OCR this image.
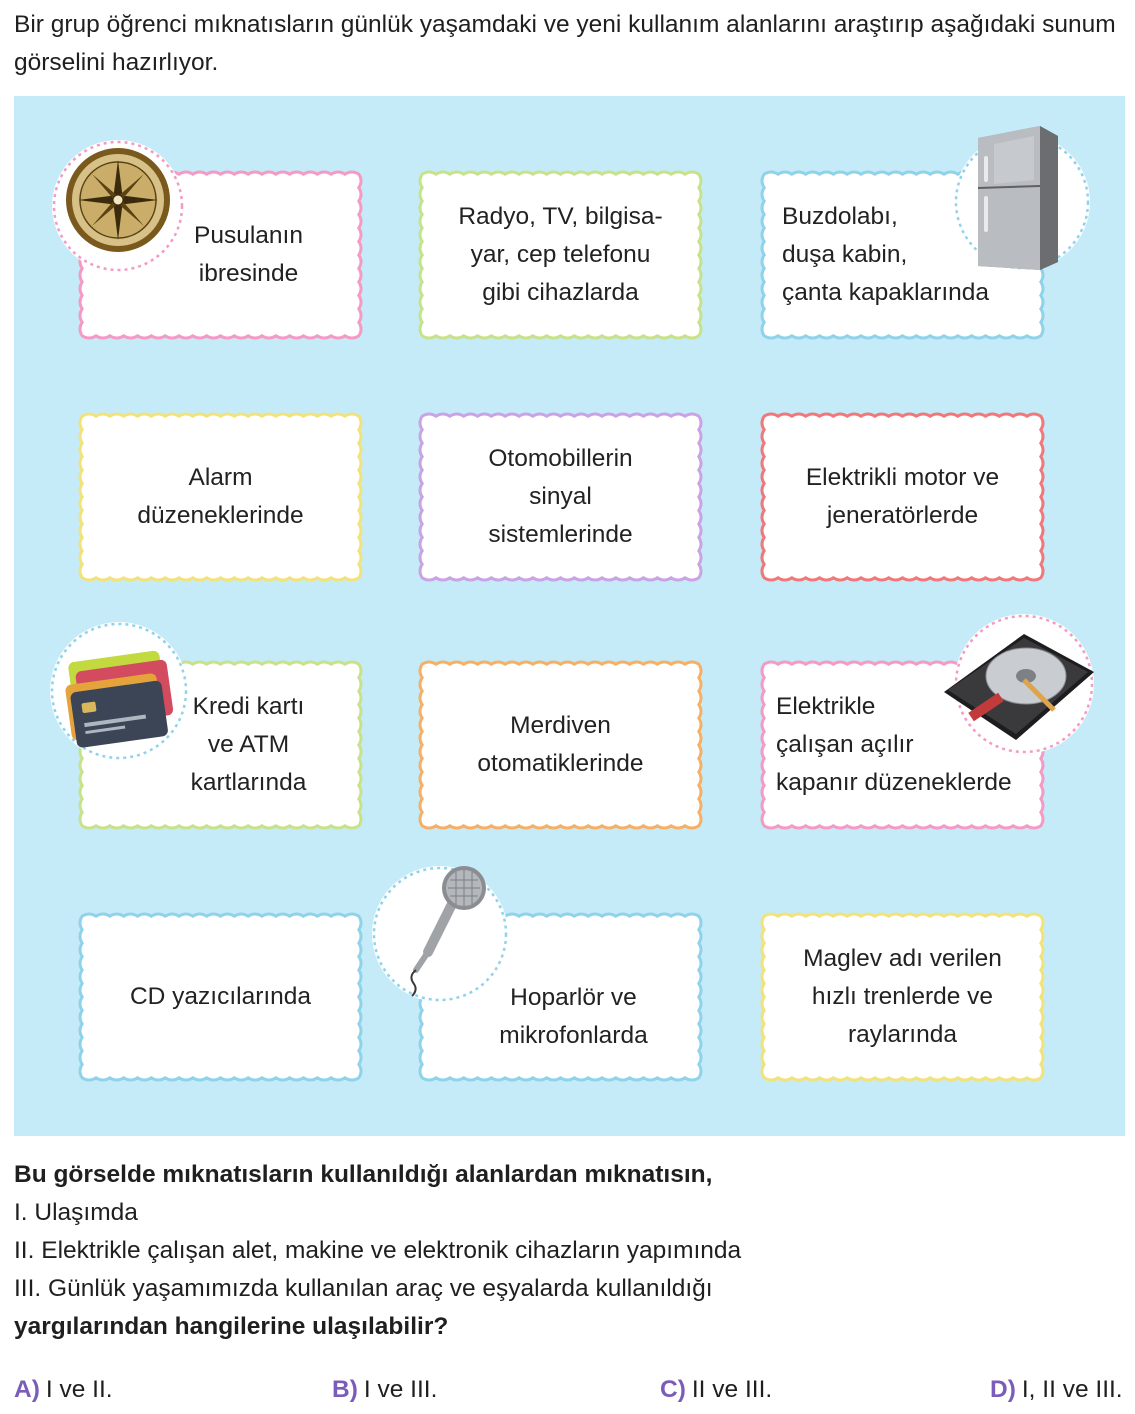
Bir grup öğrenci mıknatısların günlük yaşamdaki ve yeni kullanım alanlarını araştırıp aşağıdaki sunum görselini hazırlıyor.
Pusulanın
ibresinde
Radyo, TV, bilgisa-
yar, cep telefonu
gibi cihazlarda
Buzdolabı,
duşa kabin,
çanta kapaklarında
Alarm
düzeneklerinde
Otomobillerin
sinyal
sistemlerinde
Elektrikli motor ve
jeneratörlerde
Kredi kartı
ve ATM
kartlarında
Merdiven
otomatiklerinde
Elektrikle
çalışan açılır
kapanır düzeneklerde
CD yazıcılarında	Hoparlör ve
mikrofonlarda
Maglev adı verilen
hızlı trenlerde ve
raylarında
Bu görselde mıknatısların kullanıldığı alanlardan mıknatısın,
I. Ulaşımda
II. Elektrikle çalışan alet, makine ve elektronik cihazların yapımında
III. Günlük yaşamımızda kullanılan araç ve eşyalarda kullanıldığı
yargılarından hangilerine ulaşılabilir?
A) I ve II.	B) I ve III.	C) II ve III.	D) I, II ve III.
